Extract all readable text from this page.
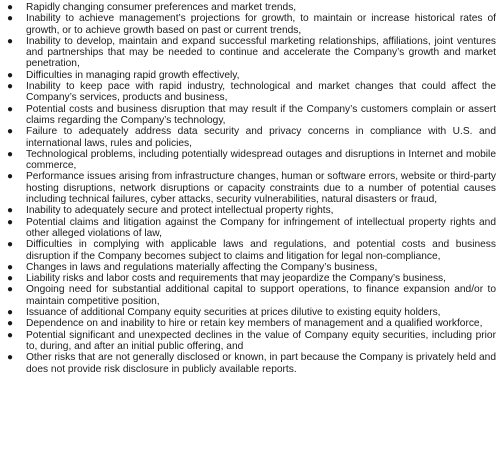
●	Rapidly changing consumer preferences and market trends,
●	Inability to achieve management’s projections for growth, to maintain or increase historical rates of growth, or to achieve growth based on past or current trends,
●	Inability to develop, maintain and expand successful marketing relationships, affiliations, joint ventures and partnerships that may be needed to continue and accelerate the Company’s growth and market penetration,
●	Difficulties in managing rapid growth effectively,
●	Inability to keep pace with rapid industry, technological and market changes that could affect the Company’s services, products and business,
●	Potential costs and business disruption that may result if the Company’s customers complain or assert claims regarding the Company’s technology,
●	Failure to adequately address data security and privacy concerns in compliance with U.S. and international laws, rules and policies,
●	Technological problems, including potentially widespread outages and disruptions in Internet and mobile commerce,
●	Performance issues arising from infrastructure changes, human or software errors, website or third-party hosting disruptions, network disruptions or capacity constraints due to a number of potential causes including technical failures, cyber attacks, security vulnerabilities, natural disasters or fraud,
●	Inability to adequately secure and protect intellectual property rights,
●	Potential claims and litigation against the Company for infringement of intellectual property rights and other alleged violations of law,
●	Difficulties in complying with applicable laws and regulations, and potential costs and business disruption if the Company becomes subject to claims and litigation for legal non-compliance,
●	Changes in laws and regulations materially affecting the Company’s business,
●	Liability risks and labor costs and requirements that may jeopardize the Company’s business,
●	Ongoing need for substantial additional capital to support operations, to finance expansion and/or to maintain competitive position,
●	Issuance of additional Company equity securities at prices dilutive to existing equity holders,
●	Dependence on and inability to hire or retain key members of management and a qualified workforce,
●	Potential significant and unexpected declines in the value of Company equity securities, including prior to, during, and after an initial public offering, and
●	Other risks that are not generally disclosed or known, in part because the Company is privately held and does not provide risk disclosure in publicly available reports.
